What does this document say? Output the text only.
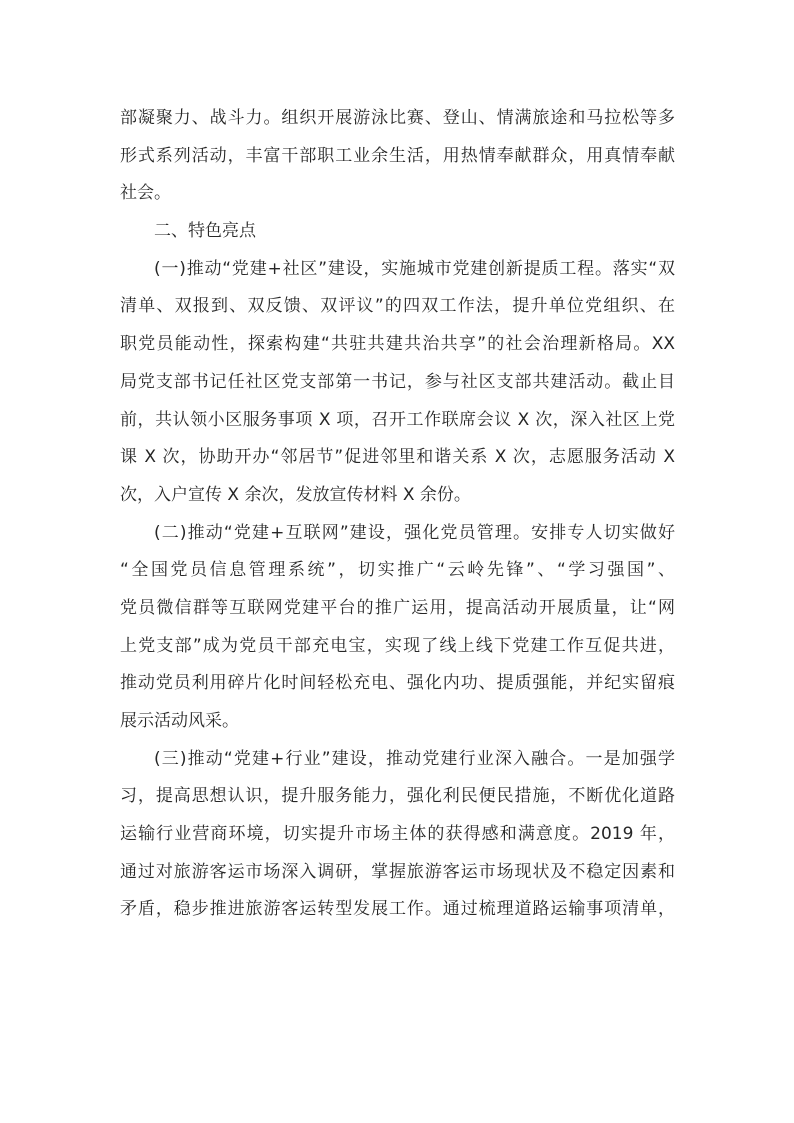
部凝聚力、战斗力。组织开展游泳比赛、登山、情满旅途和马拉松等多
形式系列活动，丰富干部职工业余生活，用热情奉献群众，用真情奉献
社会。
二、特色亮点
(一)推动“党建+社区”建设，实施城市党建创新提质工程。落实“双
清单、双报到、双反馈、双评议”的四双工作法，提升单位党组织、在
职党员能动性，探索构建“共驻共建共治共享”的社会治理新格局。XX
局党支部书记任社区党支部第一书记，参与社区支部共建活动。截止目
前，共认领小区服务事项 X 项，召开工作联席会议 X 次，深入社区上党
课 X 次，协助开办“邻居节”促进邻里和谐关系 X 次，志愿服务活动 X
次，入户宣传 X 余次，发放宣传材料 X 余份。
(二)推动“党建+互联网”建设，强化党员管理。安排专人切实做好
“全国党员信息管理系统”，切实推广“云岭先锋”、“学习强国”、
党员微信群等互联网党建平台的推广运用，提高活动开展质量，让“网
上党支部”成为党员干部充电宝，实现了线上线下党建工作互促共进，
推动党员利用碎片化时间轻松充电、强化内功、提质强能，并纪实留痕
展示活动风采。
(三)推动“党建+行业”建设，推动党建行业深入融合。一是加强学
习，提高思想认识，提升服务能力，强化利民便民措施，不断优化道路
运输行业营商环境，切实提升市场主体的获得感和满意度。2019 年，
通过对旅游客运市场深入调研，掌握旅游客运市场现状及不稳定因素和
矛盾，稳步推进旅游客运转型发展工作。通过梳理道路运输事项清单，
